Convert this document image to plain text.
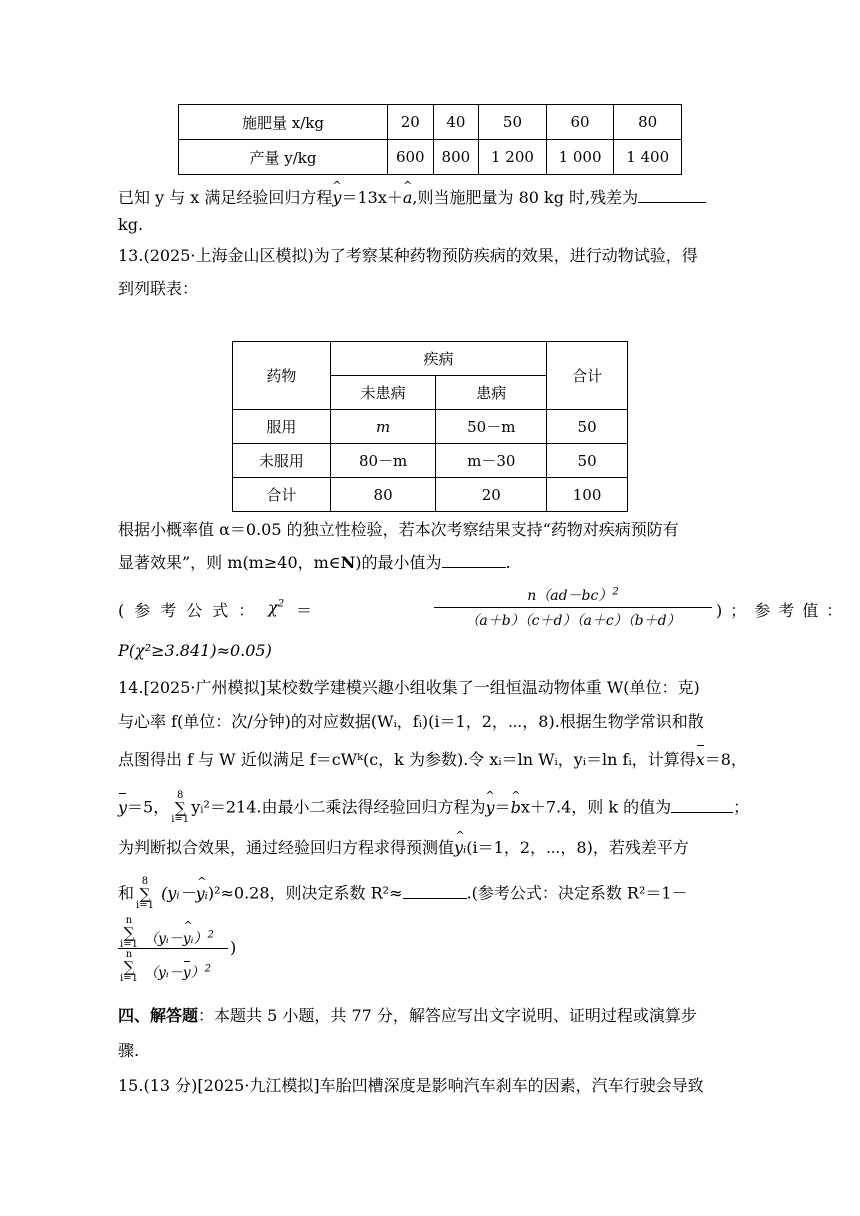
施肥量 x/kg	20	40	50	60	80
产量 y/kg	600	800	1 200	1 000	1 400
已知 y 与 x 满足经验回归方程^ y＝13x＋^ a,则当施肥量为 80 kg 时,残差为
kg.
13.(2025·上海金山区模拟)为了考察某种药物预防疾病的效果，进行动物试验，得
到列联表：
药物	疾病		合计
	未患病	患病	
服用	m	50－m	50
未服用	80－m	m－30	50
合计	80	20	100
根据小概率值 α＝0.05 的独立性检验，若本次考察结果支持“药物对疾病预防有
显著效果”，则 m(m≥40，m∈N)的最小值为	.
(参考公式： $\chi^2$ ＝	$\frac{n(ad-bc)^2}{(a+b)(c+d)(a+c)(b+d)}$ )；参考值：
P(χ²≥3.841)≈0.05)
14.[2025·广州模拟]某校数学建模兴趣小组收集了一组恒温动物体重 W(单位：克)
与心率 f(单位：次/分钟)的对应数据(Wᵢ，fᵢ)(i＝1，2，⋯，8).根据生物学常识和散
点图得出 f 与 W 近似满足 f＝cWᵏ(c，k 为参数).令 xᵢ＝ln Wᵢ，yᵢ＝ln fᵢ，计算得x＝8，
y＝5，8
∑
i=1yᵢ²＝214.由最小二乘法得经验回归方程为^ y＝^ bx＋7.4，则 k 的值为	；
为判断拟合效果，通过经验回归方程求得预测值^ yᵢ(i＝1，2，⋯，8)，若残差平方
和8
∑
i=1 (yᵢ－^ yᵢ)²≈0.28，则决定系数 R²≈	.(参考公式：决定系数 R²＝1－
n
∑
i=1 （yᵢ－^ yᵢ）$^2$
n
∑
i=1 （yᵢ－y）$^2$
)
四、解答题：本题共 5 小题，共 77 分，解答应写出文字说明、证明过程或演算步
骤.
15.(13 分)[2025·九江模拟]车胎凹槽深度是影响汽车刹车的因素，汽车行驶会导致
